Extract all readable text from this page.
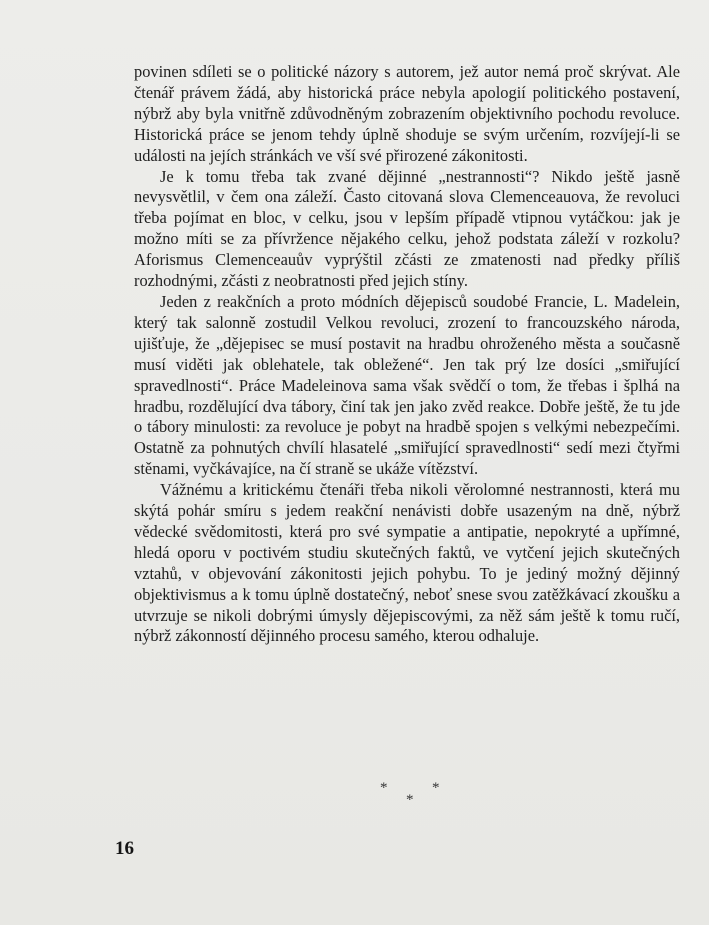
povinen sdíleti se o politické názory s autorem, jež autor nemá proč skrývat. Ale čtenář právem žádá, aby historická práce nebyla apologií politického postavení, nýbrž aby byla vnitřně zdůvodněným zobrazením objektivního pochodu revoluce. Historická práce se jenom tehdy úplně shoduje se svým určením, rozvíjejí-li se události na jejích stránkách ve vší své přirozené zákonitosti.

Je k tomu třeba tak zvané dějinné „nestrannosti“? Nikdo ještě jasně nevysvětlil, v čem ona záleží. Často citovaná slova Clemenceauova, že revoluci třeba pojímat en bloc, v celku, jsou v lepším případě vtipnou vytáčkou: jak je možno míti se za přívržence nějakého celku, jehož podstata záleží v rozkolu? Aforismus Clemenceauův vyprýštil zčásti ze zmatenosti nad předky příliš rozhodnými, zčásti z neobratnosti před jejich stíny.

Jeden z reakčních a proto módních dějepisců soudobé Francie, L. Madelein, který tak salonně zostudil Velkou revoluci, zrození to francouzského národa, ujišťuje, že „dějepisec se musí postavit na hradbu ohroženého města a současně musí viděti jak oblehatele, tak obležené“. Jen tak prý lze dosíci „smiřující spravedlnosti“. Práce Madeleinova sama však svědčí o tom, že třebas i šplhá na hradbu, rozdělující dva tábory, činí tak jen jako zvěd reakce. Dobře ještě, že tu jde o tábory minulosti: za revoluce je pobyt na hradbě spojen s velkými nebezpečími. Ostatně za pohnutých chvílí hlasatelé „smiřující spravedlnosti“ sedí mezi čtyřmi stěnami, vyčkávajíce, na čí straně se ukáže vítězství.

Vážnému a kritickému čtenáři třeba nikoli věrolomné nestrannosti, která mu skýtá pohár smíru s jedem reakční nenávisti dobře usazeným na dně, nýbrž vědecké svědomitosti, která pro své sympatie a antipatie, nepokryté a upřímné, hledá oporu v poctivém studiu skutečných faktů, ve vytčení jejich skutečných vztahů, v objevování zákonitosti jejich pohybu. To je jediný možný dějinný objektivismus a k tomu úplně dostatečný, neboť snese svou zatěžkávací zkoušku a utvrzuje se nikoli dobrými úmysly dějepiscovými, za něž sám ještě k tomu ručí, nýbrž zákonností dějinného procesu samého, kterou odhaluje.

*	*
*
16
